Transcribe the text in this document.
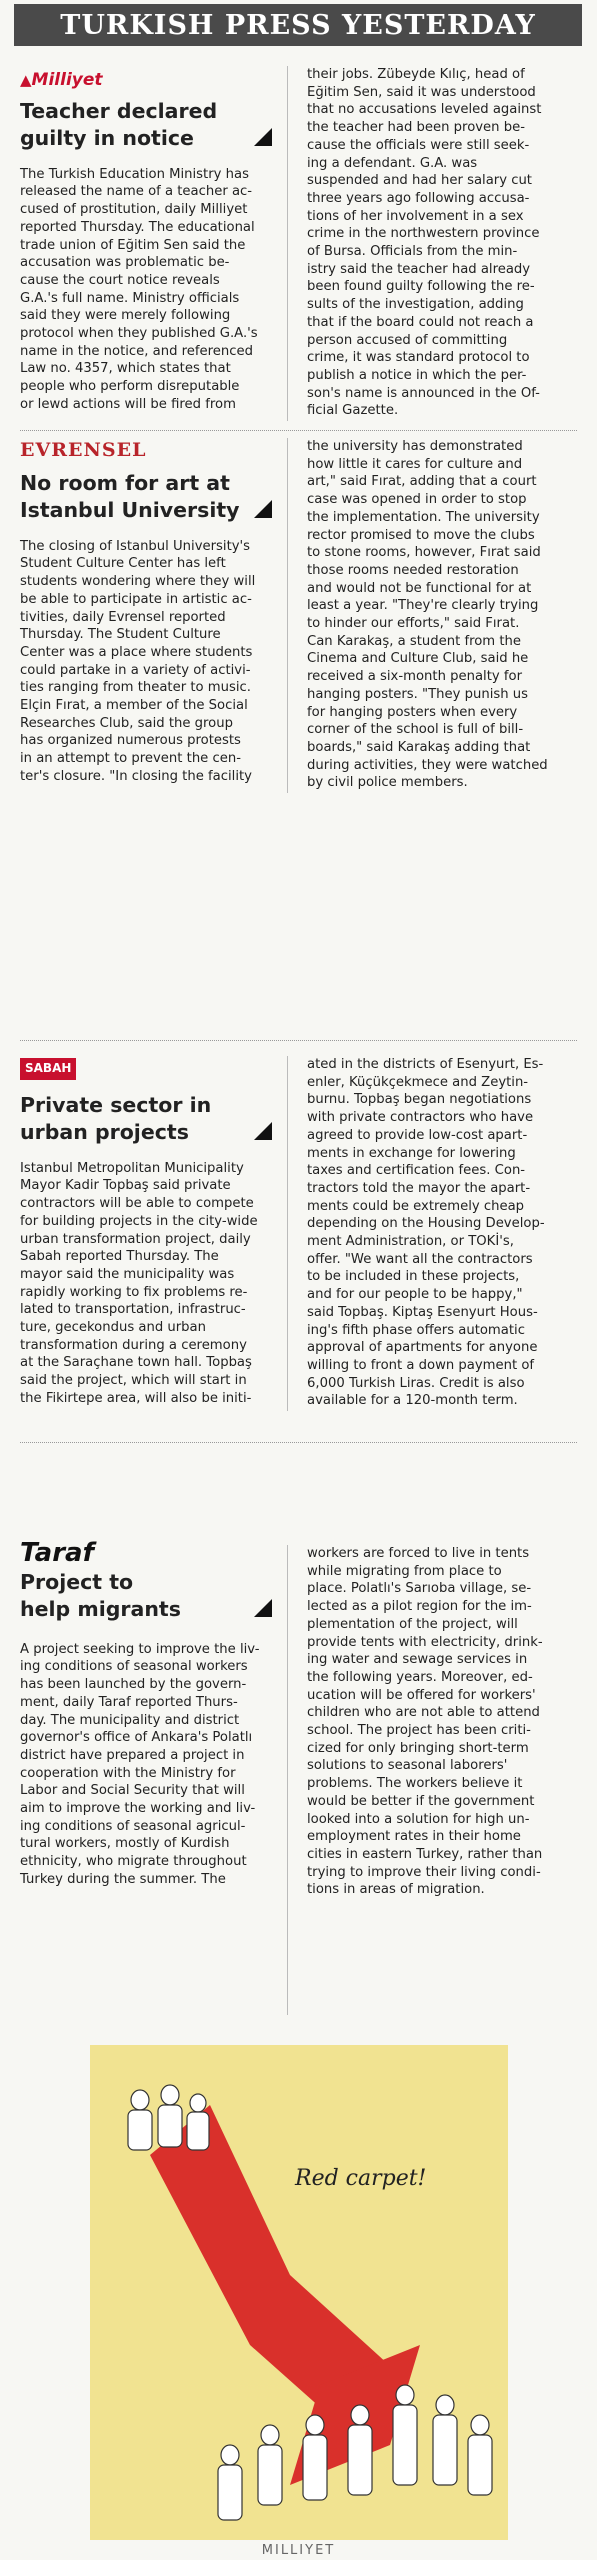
TURKISH PRESS YESTERDAY
▲Milliyet
Teacher declared
guilty in notice
The Turkish Education Ministry has
released the name of a teacher ac-
cused of prostitution, daily Milliyet
reported Thursday. The educational
trade union of Eğitim Sen said the
accusation was problematic be-
cause the court notice reveals
G.A.'s full name. Ministry officials
said they were merely following
protocol when they published G.A.'s
name in the notice, and referenced
Law no. 4357, which states that
people who perform disreputable
or lewd actions will be fired from
their jobs. Zübeyde Kılıç, head of
Eğitim Sen, said it was understood
that no accusations leveled against
the teacher had been proven be-
cause the officials were still seek-
ing a defendant. G.A. was
suspended and had her salary cut
three years ago following accusa-
tions of her involvement in a sex
crime in the northwestern province
of Bursa. Officials from the min-
istry said the teacher had already
been found guilty following the re-
sults of the investigation, adding
that if the board could not reach a
person accused of committing
crime, it was standard protocol to
publish a notice in which the per-
son's name is announced in the Of-
ficial Gazette.
EVRENSEL
No room for art at
Istanbul University
The closing of Istanbul University's
Student Culture Center has left
students wondering where they will
be able to participate in artistic ac-
tivities, daily Evrensel reported
Thursday. The Student Culture
Center was a place where students
could partake in a variety of activi-
ties ranging from theater to music.
Elçin Fırat, a member of the Social
Researches Club, said the group
has organized numerous protests
in an attempt to prevent the cen-
ter's closure. "In closing the facility
the university has demonstrated
how little it cares for culture and
art," said Fırat, adding that a court
case was opened in order to stop
the implementation. The university
rector promised to move the clubs
to stone rooms, however, Fırat said
those rooms needed restoration
and would not be functional for at
least a year. "They're clearly trying
to hinder our efforts," said Fırat.
Can Karakaş, a student from the
Cinema and Culture Club, said he
received a six-month penalty for
hanging posters. "They punish us
for hanging posters when every
corner of the school is full of bill-
boards," said Karakaş adding that
during activities, they were watched
by civil police members.
SABAH
Private sector in
urban projects
Istanbul Metropolitan Municipality
Mayor Kadir Topbaş said private
contractors will be able to compete
for building projects in the city-wide
urban transformation project, daily
Sabah reported Thursday. The
mayor said the municipality was
rapidly working to fix problems re-
lated to transportation, infrastruc-
ture, gecekondus and urban
transformation during a ceremony
at the Saraçhane town hall. Topbaş
said the project, which will start in
the Fikirtepe area, will also be initi-
ated in the districts of Esenyurt, Es-
enler, Küçükçekmece and Zeytin-
burnu. Topbaş began negotiations
with private contractors who have
agreed to provide low-cost apart-
ments in exchange for lowering
taxes and certification fees. Con-
tractors told the mayor the apart-
ments could be extremely cheap
depending on the Housing Develop-
ment Administration, or TOKİ's,
offer. "We want all the contractors
to be included in these projects,
and for our people to be happy,"
said Topbaş. Kiptaş Esenyurt Hous-
ing's fifth phase offers automatic
approval of apartments for anyone
willing to front a down payment of
6,000 Turkish Liras. Credit is also
available for a 120-month term.
Taraf
Project to
help migrants
A project seeking to improve the liv-
ing conditions of seasonal workers
has been launched by the govern-
ment, daily Taraf reported Thurs-
day. The municipality and district
governor's office of Ankara's Polatlı
district have prepared a project in
cooperation with the Ministry for
Labor and Social Security that will
aim to improve the working and liv-
ing conditions of seasonal agricul-
tural workers, mostly of Kurdish
ethnicity, who migrate throughout
Turkey during the summer. The
workers are forced to live in tents
while migrating from place to
place. Polatlı's Sarıoba village, se-
lected as a pilot region for the im-
plementation of the project, will
provide tents with electricity, drink-
ing water and sewage services in
the following years. Moreover, ed-
ucation will be offered for workers'
children who are not able to attend
school. The project has been criti-
cized for only bringing short-term
solutions to seasonal laborers'
problems. The workers believe it
would be better if the government
looked into a solution for high un-
employment rates in their home
cities in eastern Turkey, rather than
trying to improve their living condi-
tions in areas of migration.
Red carpet!
MILLIYET
